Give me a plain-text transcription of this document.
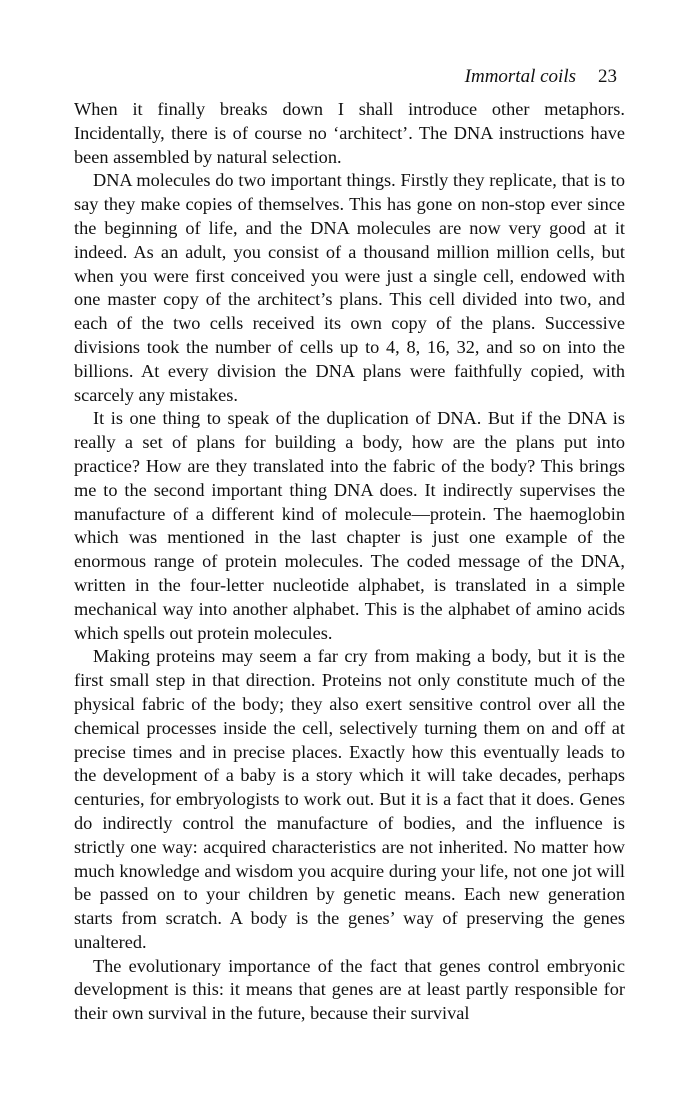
Immortal coils 23

When it finally breaks down I shall introduce other metaphors. Incidentally, there is of course no ‘architect’. The DNA instructions have been assembled by natural selection.

DNA molecules do two important things. Firstly they replicate, that is to say they make copies of themselves. This has gone on non-stop ever since the beginning of life, and the DNA molecules are now very good at it indeed. As an adult, you consist of a thousand million million cells, but when you were first conceived you were just a single cell, endowed with one master copy of the architect’s plans. This cell divided into two, and each of the two cells received its own copy of the plans. Successive divisions took the number of cells up to 4, 8, 16, 32, and so on into the billions. At every division the DNA plans were faithfully copied, with scarcely any mistakes.

It is one thing to speak of the duplication of DNA. But if the DNA is really a set of plans for building a body, how are the plans put into practice? How are they translated into the fabric of the body? This brings me to the second important thing DNA does. It indirectly supervises the manufacture of a different kind of molecule—protein. The haemoglobin which was mentioned in the last chapter is just one example of the enormous range of protein molecules. The coded message of the DNA, written in the four-letter nucleotide alphabet, is translated in a simple mechanical way into another alphabet. This is the alphabet of amino acids which spells out protein molecules.

Making proteins may seem a far cry from making a body, but it is the first small step in that direction. Proteins not only constitute much of the physical fabric of the body; they also exert sensitive control over all the chemical processes inside the cell, selectively turning them on and off at precise times and in precise places. Exactly how this eventually leads to the development of a baby is a story which it will take decades, perhaps centuries, for embryologists to work out. But it is a fact that it does. Genes do indirectly control the manufacture of bodies, and the influence is strictly one way: acquired characteristics are not inherited. No matter how much knowledge and wisdom you acquire during your life, not one jot will be passed on to your children by genetic means. Each new generation starts from scratch. A body is the genes’ way of preserving the genes unaltered.

The evolutionary importance of the fact that genes control embryonic development is this: it means that genes are at least partly responsible for their own survival in the future, because their survival
